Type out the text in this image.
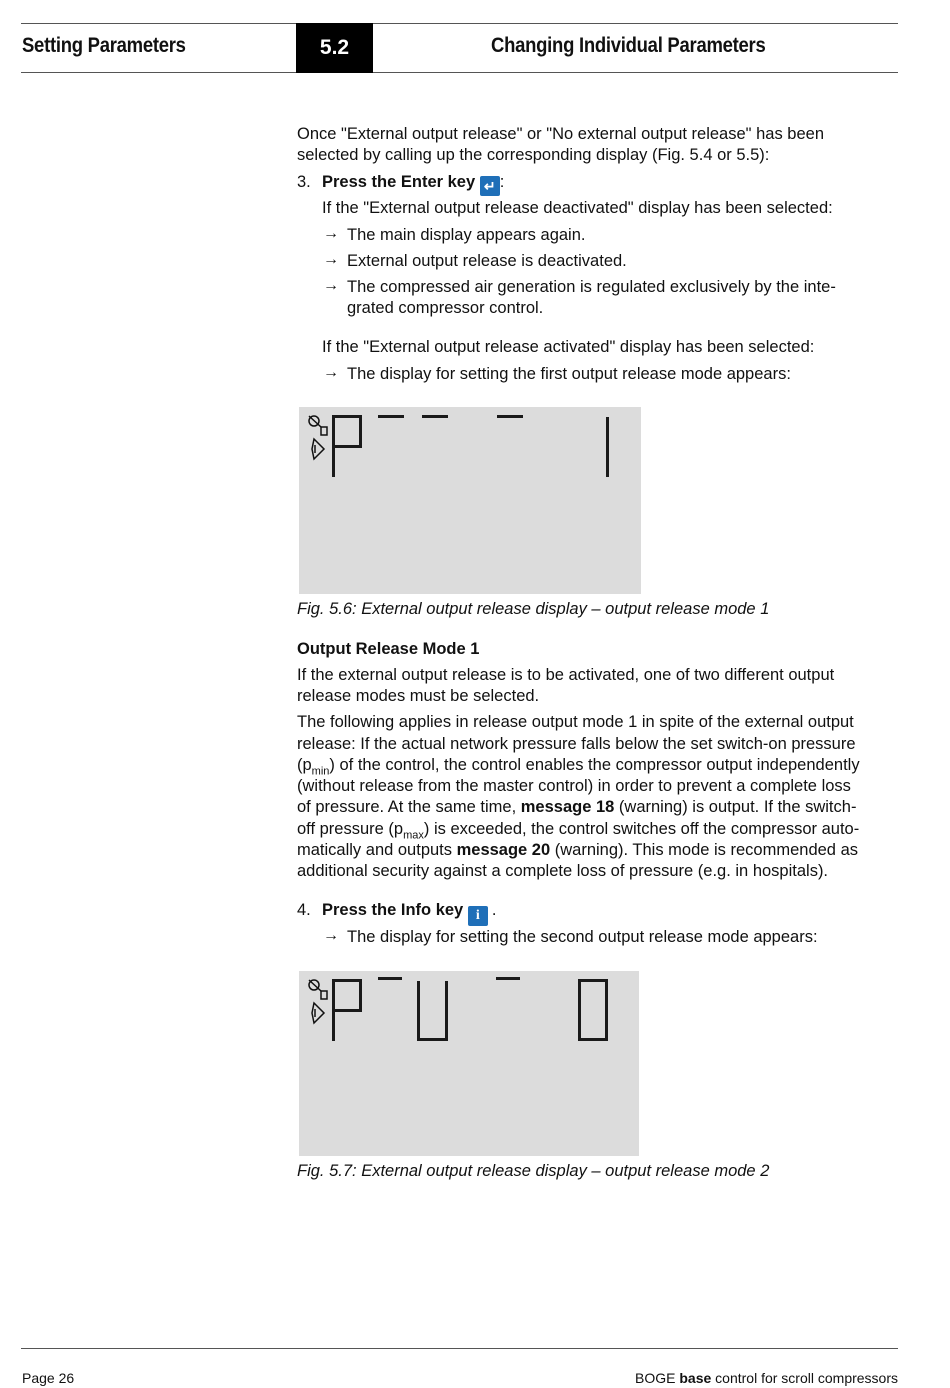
Setting Parameters	5.2	Changing Individual Parameters
Once "External output release" or "No external output release" has been
selected by calling up the corresponding display (Fig. 5.4 or 5.5):
3. Press the Enter key ↵ :
If the "External output release deactivated" display has been selected:
→ The main display appears again.
→ External output release is deactivated.
→ The compressed air generation is regulated exclusively by the inte-
grated compressor control.
If the "External output release activated" display has been selected:
→ The display for setting the first output release mode appears:
Fig. 5.6: External output release display – output release mode 1
Output Release Mode 1
If the external output release is to be activated, one of two different output
release modes must be selected.
The following applies in release output mode 1 in spite of the external output
release: If the actual network pressure falls below the set switch-on pressure
$(p_{min})$ of the control, the control enables the compressor output independently
(without release from the master control) in order to prevent a complete loss
of pressure. At the same time, message 18 (warning) is output. If the switch-
off pressure $(p_{max})$ is exceeded, the control switches off the compressor auto-
matically and outputs message 20 (warning). This mode is recommended as
additional security against a complete loss of pressure (e.g. in hospitals).
4. Press the Info key i .
→ The display for setting the second output release mode appears:
Fig. 5.7: External output release display – output release mode 2
Page 26	BOGE base control for scroll compressors
